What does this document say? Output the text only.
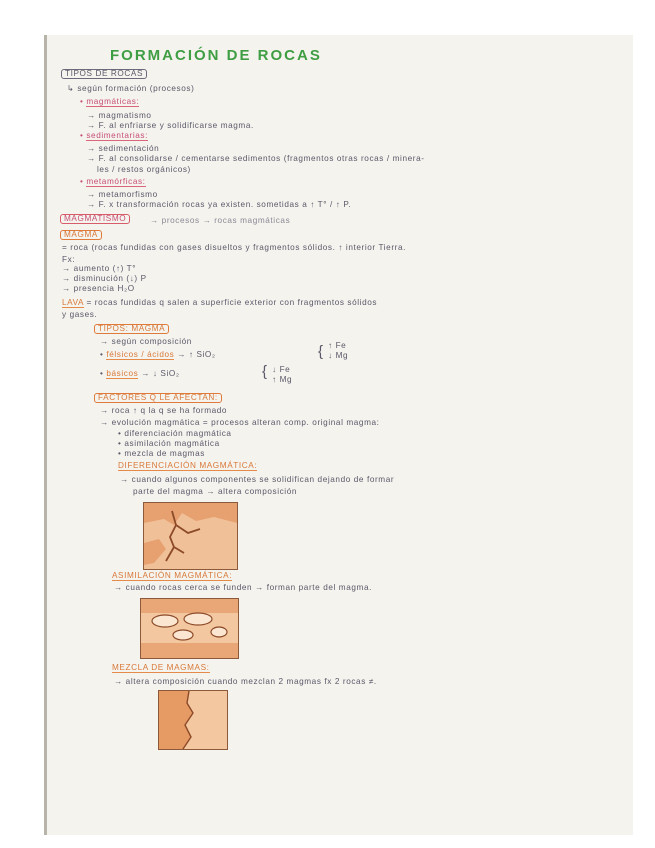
FORMACIÓN DE ROCAS
TIPOS DE ROCAS
↳ según formación (procesos)
• magmáticas:
→ magmatismo
→ F. al enfriarse y solidificarse magma.
• sedimentarias:
→ sedimentación
→ F. al consolidarse / cementarse sedimentos (fragmentos otras rocas / minera-
les / restos orgánicos)
• metamórficas:
→ metamorfismo
→ F. x transformación rocas ya existen. sometidas a ↑ T° / ↑ P.
MAGMATISMO	→ procesos → rocas magmáticas
MAGMA
= roca (rocas fundidas con gases disueltos y fragmentos sólidos. ↑ interior Tierra.
Fx:
→ aumento (↑) T°
→ disminución (↓) P
→ presencia H₂O
LAVA = rocas fundidas q salen a superficie exterior con fragmentos sólidos
y gases.
TIPOS: MAGMA
→ según composición
• félsicos / ácidos → ↑ SiO₂	{ ↑ Fe
↓ Mg
• básicos → ↓ SiO₂	{ ↓ Fe
↑ Mg
FACTORES Q LE AFECTAN:
→ roca ↑ q la q se ha formado
→ evolución magmática = procesos alteran comp. original magma:
• diferenciación magmática
• asimilación magmática
• mezcla de magmas
DIFERENCIACIÓN MAGMÁTICA:
→ cuando algunos componentes se solidifican dejando de formar
parte del magma → altera composición
ASIMILACIÓN MAGMÁTICA:
→ cuando rocas cerca se funden → forman parte del magma.
MEZCLA DE MAGMAS:
→ altera composición cuando mezclan 2 magmas fx 2 rocas ≠.
